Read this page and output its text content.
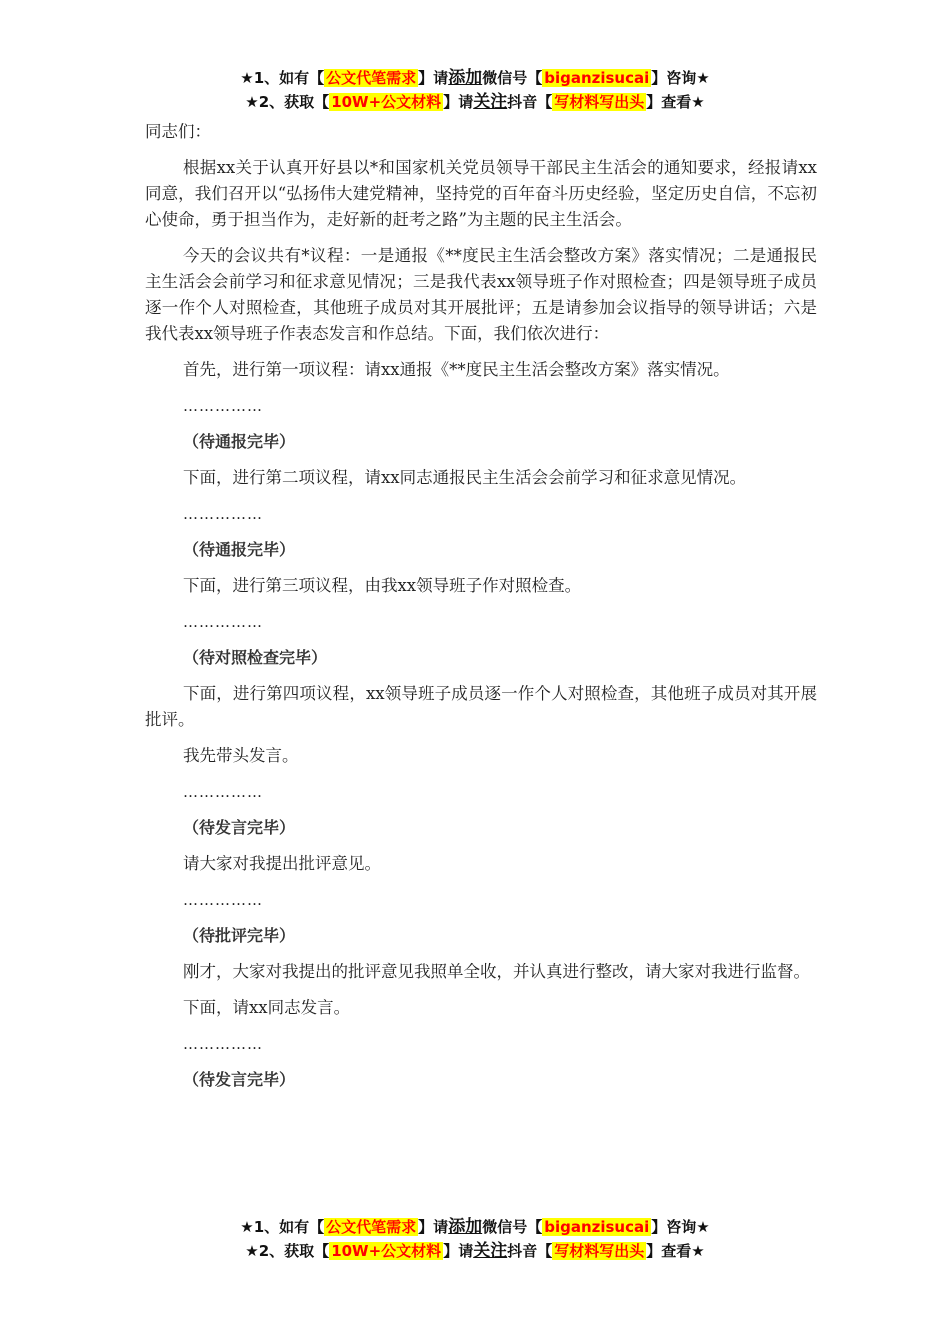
★1、如有【 公文代笔需求 】请添加微信号【 biganzisucai 】咨询★
★2、获取【 10W+公文材料 】请关注抖音【 写材料写出头 】查看★

同志们：

根据xx关于认真开好县以*和国家机关党员领导干部民主生活会的通知要求，经报请xx同意，我们召开以“弘扬伟大建党精神，坚持党的百年奋斗历史经验，坚定历史自信，不忘初心使命，勇于担当作为，走好新的赶考之路”为主题的民主生活会。

今天的会议共有*议程：一是通报《**度民主生活会整改方案》落实情况；二是通报民主生活会会前学习和征求意见情况；三是我代表xx领导班子作对照检查；四是领导班子成员逐一作个人对照检查，其他班子成员对其开展批评；五是请参加会议指导的领导讲话；六是我代表xx领导班子作表态发言和作总结。下面，我们依次进行：

首先，进行第一项议程：请xx通报《**度民主生活会整改方案》落实情况。

……………

（待通报完毕）

下面，进行第二项议程，请xx同志通报民主生活会会前学习和征求意见情况。

……………

（待通报完毕）

下面，进行第三项议程，由我xx领导班子作对照检查。

……………

（待对照检查完毕）

下面，进行第四项议程，xx领导班子成员逐一作个人对照检查，其他班子成员对其开展批评。

我先带头发言。

……………

（待发言完毕）

请大家对我提出批评意见。

……………

（待批评完毕）

刚才，大家对我提出的批评意见我照单全收，并认真进行整改，请大家对我进行监督。

下面，请xx同志发言。

……………

（待发言完毕）

★1、如有【 公文代笔需求 】请添加微信号【 biganzisucai 】咨询★
★2、获取【 10W+公文材料 】请关注抖音【 写材料写出头 】查看★
